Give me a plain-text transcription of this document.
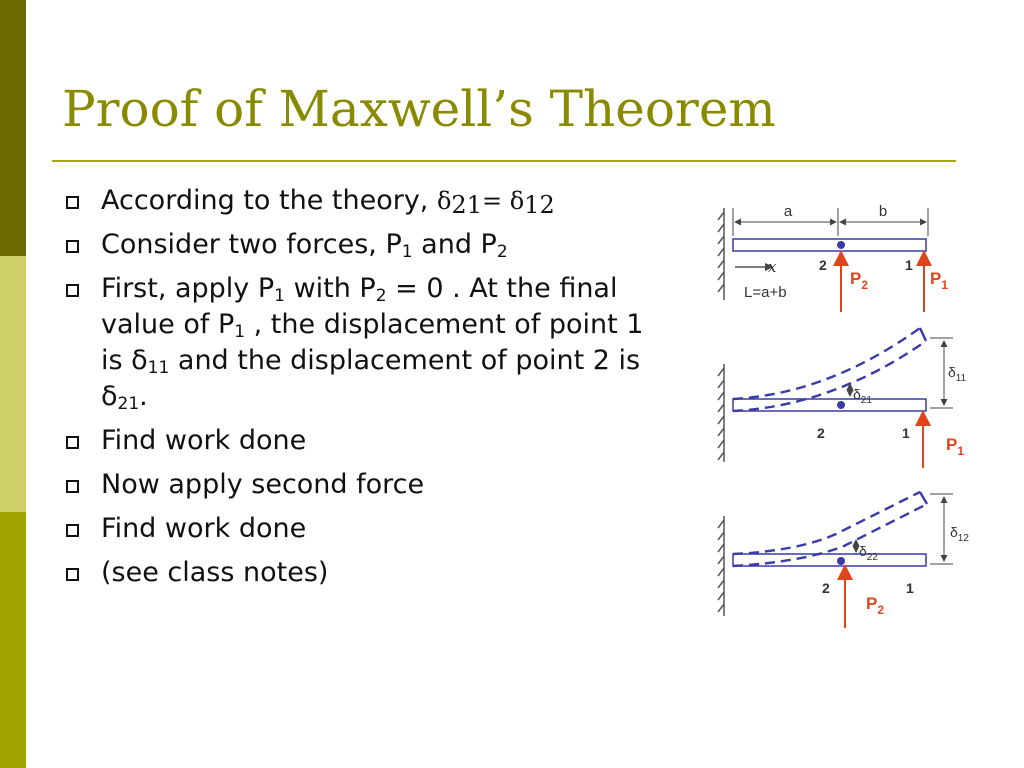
Proof of Maxwell’s Theorem
According to the theory, $\delta_{21}= \delta_{12}$
Consider two forces, $P_1$ and $P_2$
First, apply $P_1$ with $P_2 = 0$ . At the final value of $P_1$ , the displacement of point 1 is $\delta_{11}$ and the displacement of point 2 is $\delta_{21}$.
Find work done
Now apply second force
Find work done
(see class notes)
a	b
x
L=a+b
2	1
$P_2$	$P_1$
$\delta_{11}$
$\delta_{21}$
2	1
$P_1$
$\delta_{12}$
$\delta_{22}$
2	1
$P_2$
